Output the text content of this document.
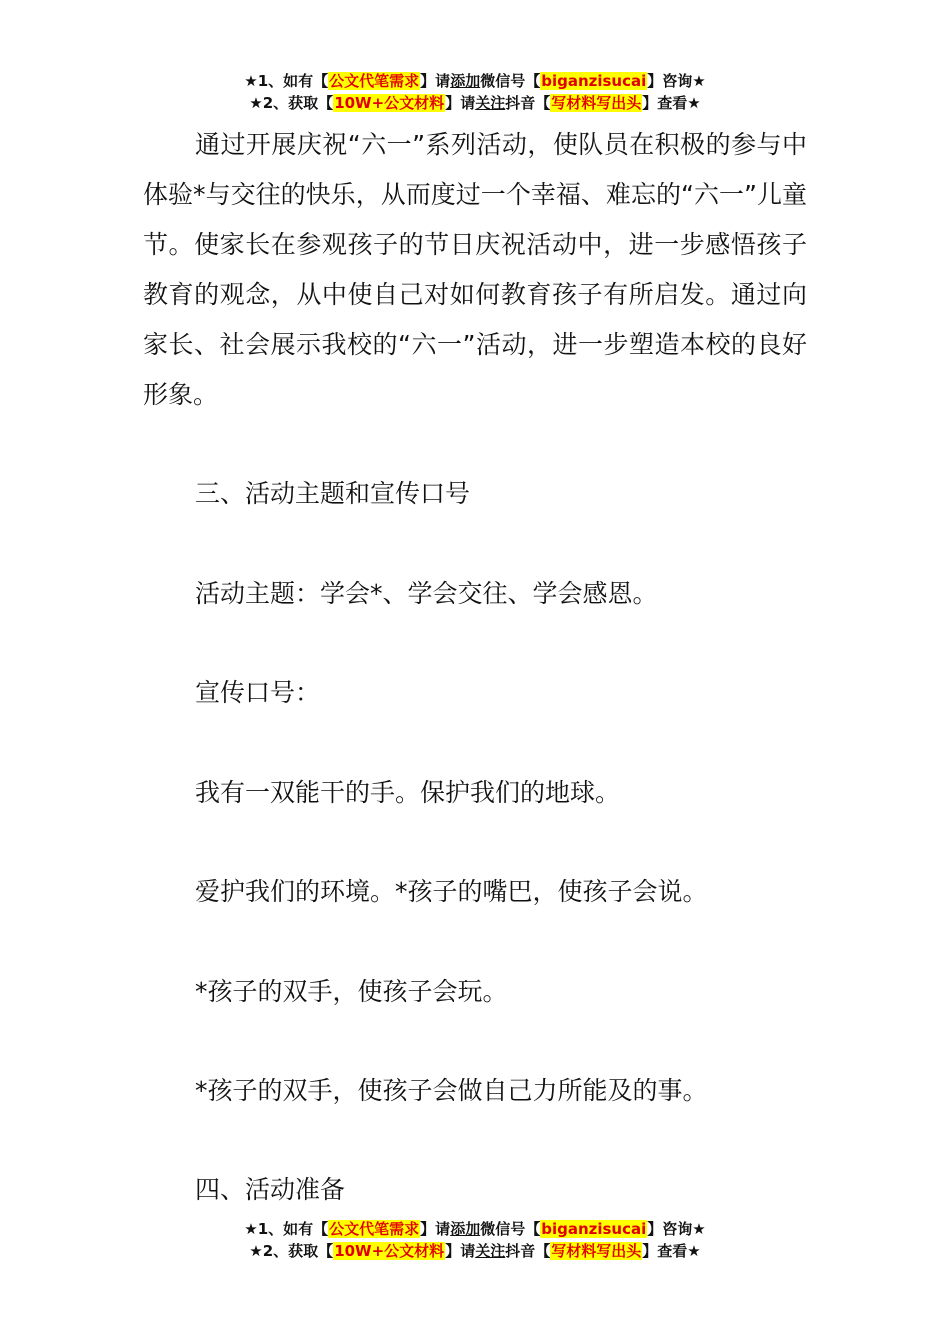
★1、如有【公文代笔需求】请添加微信号【biganzisucai】咨询★
★2、获取【10W+公文材料】请关注抖音【写材料写出头】查看★

通过开展庆祝“六一”系列活动，使队员在积极的参与中体验*与交往的快乐，从而度过一个幸福、难忘的“六一”儿童节。使家长在参观孩子的节日庆祝活动中，进一步感悟孩子教育的观念，从中使自己对如何教育孩子有所启发。通过向家长、社会展示我校的“六一”活动，进一步塑造本校的良好形象。

三、活动主题和宣传口号

活动主题：学会*、学会交往、学会感恩。

宣传口号：

我有一双能干的手。保护我们的地球。

爱护我们的环境。*孩子的嘴巴，使孩子会说。

*孩子的双手，使孩子会玩。

*孩子的双手，使孩子会做自己力所能及的事。

四、活动准备

★1、如有【公文代笔需求】请添加微信号【biganzisucai】咨询★
★2、获取【10W+公文材料】请关注抖音【写材料写出头】查看★
